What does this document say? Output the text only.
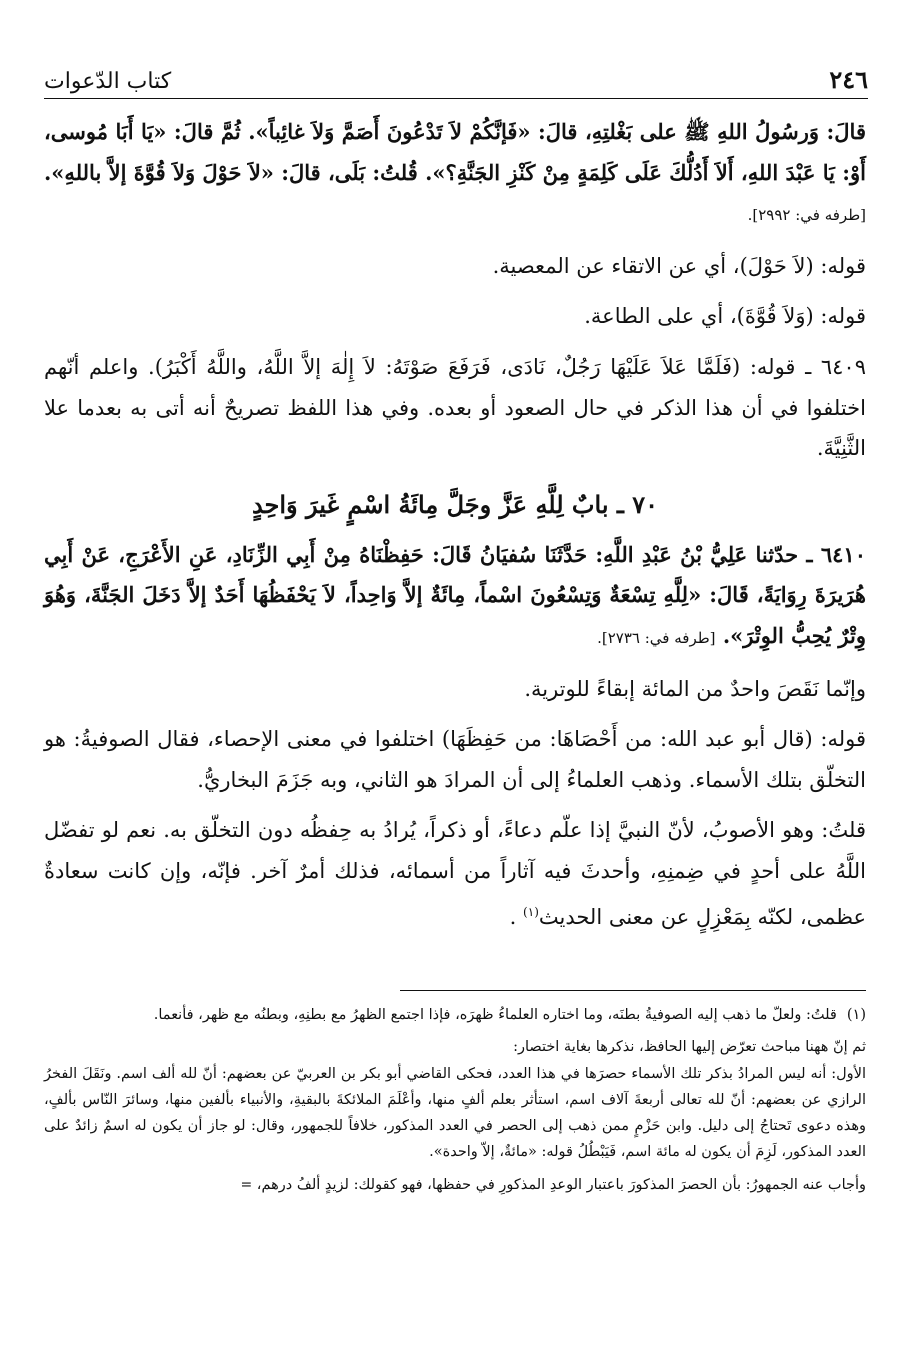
كتاب الدّعوات	٢٤٦

قالَ: وَرسُولُ اللهِ ﷺ على بَغْلتِهِ، قالَ: «فَإنَّكُمْ لاَ تَدْعُونَ أَصَمَّ وَلاَ غائِباً». ثُمَّ قالَ: «يَا أَبَا مُوسى، أَوْ: يَا عَبْدَ اللهِ، أَلاَ أَدُلُّكَ عَلَى كَلِمَةٍ مِنْ كَنْزِ الجَنَّةِ؟». قُلتُ: بَلَى، قالَ: «لاَ حَوْلَ وَلاَ قُوَّةَ إلاَّ باللهِ». [طرفه في: ٢٩٩٢].

قوله: (لاَ حَوْلَ)، أي عن الاتقاء عن المعصية.

قوله: (وَلاَ قُوَّةَ)، أي على الطاعة.

٦٤٠٩ ـ قوله: (فَلَمَّا عَلاَ عَلَيْهَا رَجُلٌ، نَادَى، فَرَفَعَ صَوْتَهُ: لاَ إِلٰهَ إلاَّ اللَّهُ، واللَّهُ أَكْبَرُ). واعلم أنّهم اختلفوا في أن هذا الذكر في حال الصعود أو بعده. وفي هذا اللفظ تصريحٌ أنه أتى به بعدما علا الثَّنِيَّةَ.

٧٠ ـ بابٌ لِلَّهِ عَزَّ وجَلَّ مِائَةُ اسْمٍ غَيرَ وَاحِدٍ

٦٤١٠ ـ حدّثنا عَلِيُّ بْنُ عَبْدِ اللَّهِ: حَدَّثَنَا سُفيَانُ قَالَ: حَفِظْنَاهُ مِنْ أَبِي الزِّنَادِ، عَنِ الأَعْرَجِ، عَنْ أَبِي هُرَيرَةَ رِوَايَةً، قَالَ: «لِلَّهِ تِسْعَةٌ وَتِسْعُونَ اسْماً، مِائَةٌ إلاَّ وَاحِداً، لاَ يَحْفَظُهَا أَحَدٌ إلاَّ دَخَلَ الجَنَّةَ، وَهُوَ وِتْرٌ يُحِبُّ الوِتْرَ». [طرفه في: ٢٧٣٦].

وإنّما نَقَصَ واحدٌ من المائة إبقاءً للوترية.

قوله: (قال أبو عبد الله: من أَحْصَاهَا: من حَفِظَهَا) اختلفوا في معنى الإحصاء، فقال الصوفيةُ: هو التخلّق بتلك الأسماء. وذهب العلماءُ إلى أن المرادَ هو الثاني، وبه جَزَمَ البخاريُّ.

قلتُ: وهو الأصوبُ، لأنّ النبيَّ إذا علّم دعاءً، أو ذكراً، يُرادُ به حِفظُه دون التخلّق به. نعم لو تفضّل اللَّهُ على أحدٍ في ضِمنِهِ، وأحدثَ فيه آثاراً من أسمائه، فذلك أمرٌ آخر. فإنّه، وإن كانت سعادةٌ عظمى، لكنّه بِمَعْزِلٍ عن معنى الحديث$^{(١)}$ .

(١)
قلتُ: ولعلّ ما ذهب إليه الصوفيةُ بطنَه، وما اختاره العلماءُ ظهرَه، فإذا اجتمع الظهرُ مع بطنِهِ، وبطنُه مع ظهر، فأنعما.

ثم إنّ ههنا مباحث تعرّض إليها الحافظ، نذكرها بغاية اختصار:

الأول: أنه ليس المرادُ بذكر تلك الأسماء حصرَها في هذا العدد، فحكى القاضي أبو بكر بن العربيّ عن بعضهم: أنّ لله ألف اسم. ونَقَلَ الفخرُ الرازي عن بعضهم: أنّ لله تعالى أربعةَ آلاف اسم، استأثر بعلم ألفٍ منها، وأعْلَمَ الملائكةَ بالبقيةِ، والأنبياء بألفين منها، وسائرَ النّاس بألفٍ، وهذه دعوى تَحتاجُ إلى دليل. وابن حَزْمٍ ممن ذهب إلى الحصر في العدد المذكور، خلافاً للجمهور، وقال: لو جاز أن يكون له اسمٌ زائدٌ على العدد المذكور، لَزِمَ أن يكون له مائة اسم، فَيَبْطُلُ قوله: «مائةٌ، إلاّ واحدة».

وأجاب عنه الجمهورُ: بأن الحصرَ المذكورَ باعتبار الوعدِ المذكورِ في حفظها، فهو كقولك: لزيدٍ ألفُ درهم، =
